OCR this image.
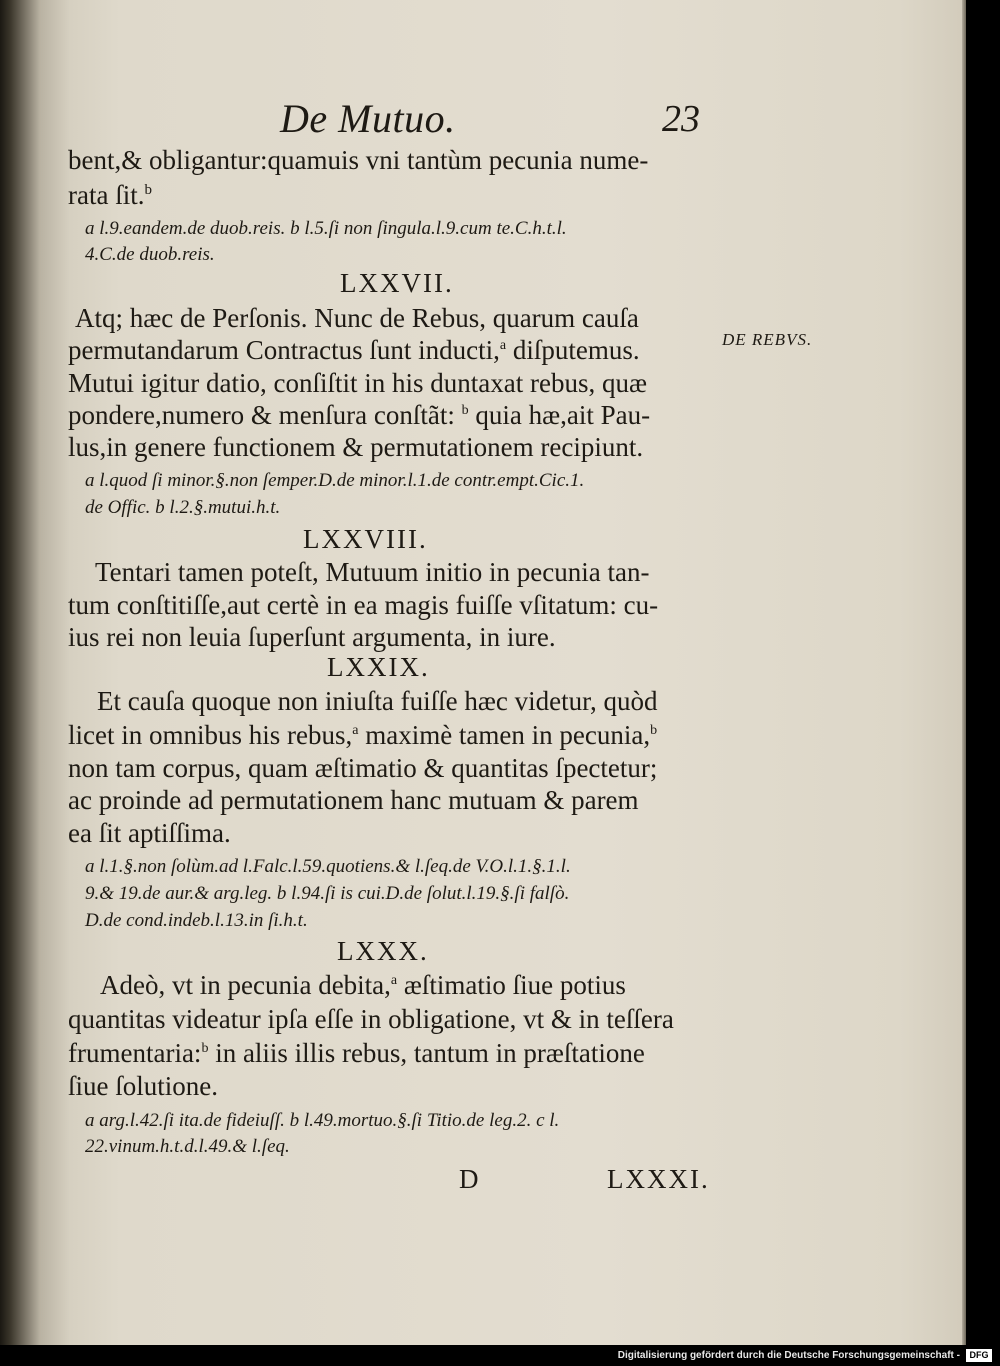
De Mutuo.	23
bent,& obligantur:quamuis vni tantùm pecunia nume-
rata ſit.$^b$
a l.9.eandem.de duob.reis. b l.5.ſi non ſingula.l.9.cum te.C.h.t.l.
4.C.de duob.reis.
LXXVII.
Atq; hæc de Perſonis. Nunc de Rebus, quarum cauſa
permutandarum Contractus ſunt inducti,$^a$ diſputemus.	DE REBVS.
Mutui igitur datio, conſiſtit in his duntaxat rebus, quæ
pondere,numero & menſura conſtãt: $^b$ quia hæ,ait Pau-
lus,in genere functionem & permutationem recipiunt.
a l.quod ſi minor.§.non ſemper.D.de minor.l.1.de contr.empt.Cic.1.
de Offic. b l.2.§.mutui.h.t.
LXXVIII.
Tentari tamen poteſt, Mutuum initio in pecunia tan-
tum conſtitiſſe,aut certè in ea magis fuiſſe vſitatum: cu-
ius rei non leuia ſuperſunt argumenta, in iure.
LXXIX.
Et cauſa quoque non iniuſta fuiſſe hæc videtur, quòd
licet in omnibus his rebus,$^a$ maximè tamen in pecunia,$^b$
non tam corpus, quam æſtimatio & quantitas ſpectetur;
ac proinde ad permutationem hanc mutuam & parem
ea ſit aptiſſima.
a l.1.§.non ſolùm.ad l.Falc.l.59.quotiens.& l.ſeq.de V.O.l.1.§.1.l.
9.& 19.de aur.& arg.leg. b l.94.ſi is cui.D.de ſolut.l.19.§.ſi falſò.
D.de cond.indeb.l.13.in ſi.h.t.
LXXX.
Adeò, vt in pecunia debita,$^a$ æſtimatio ſiue potius
quantitas videatur ipſa eſſe in obligatione, vt & in teſſera
frumentaria:$^b$ in aliis illis rebus, tantum in præſtatione
ſiue ſolutione.
a arg.l.42.ſi ita.de fideiuſſ. b l.49.mortuo.§.ſi Titio.de leg.2. c l.
22.vinum.h.t.d.l.49.& l.ſeq.
D	LXXXI.
Digitalisierung gefördert durch die Deutsche Forschungsgemeinschaft -	DFG
